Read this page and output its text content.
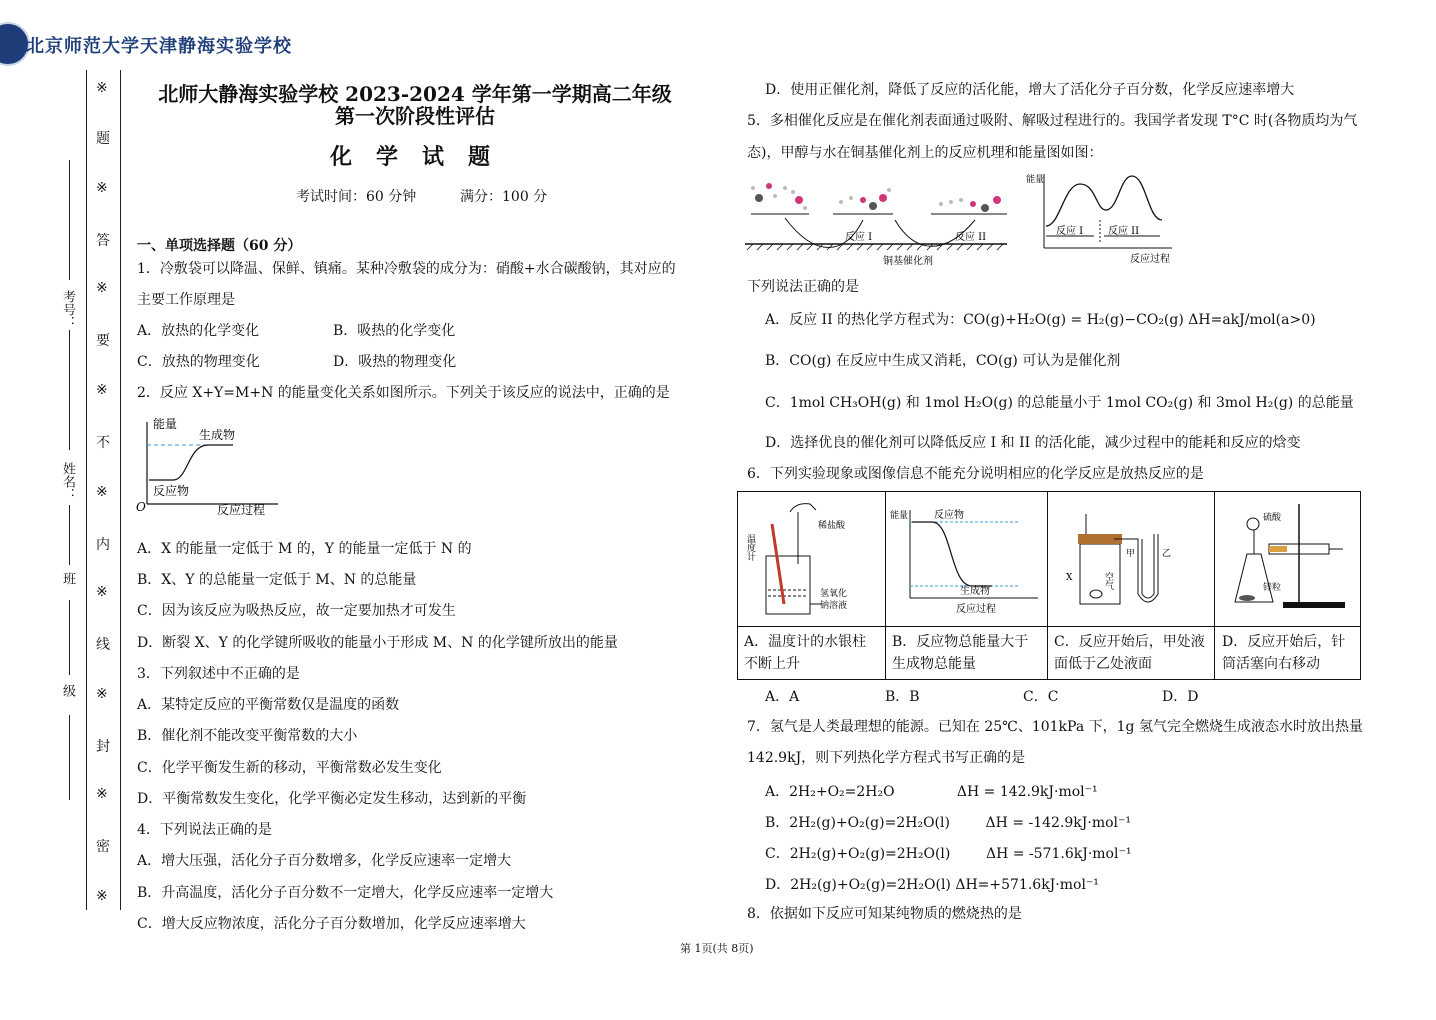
北京师范大学天津静海实验学校
※
题
※
答
※
要
※
不
※
内
※
线
※
封
※
密
※
考号：
姓名：
班
级
北师大静海实验学校 2023-2024 学年第一学期高二年级
第一次阶段性评估
化学试题
考试时间：60 分钟	满分：100 分
一、单项选择题（60 分）
1．冷敷袋可以降温、保鲜、镇痛。某种冷敷袋的成分为：硝酸+水合碳酸钠，其对应的
主要工作原理是
A．放热的化学变化	B．吸热的化学变化
C．放热的物理变化	D．吸热的物理变化
2．反应 X+Y=M+N 的能量变化关系如图所示。下列关于该反应的说法中，正确的是
能量
生成物
反应物
O	反应过程
A．X 的能量一定低于 M 的，Y 的能量一定低于 N 的
B．X、Y 的总能量一定低于 M、N 的总能量
C．因为该反应为吸热反应，故一定要加热才可发生
D．断裂 X、Y 的化学键所吸收的能量小于形成 M、N 的化学键所放出的能量
3．下列叙述中不正确的是
A．某特定反应的平衡常数仅是温度的函数
B．催化剂不能改变平衡常数的大小
C．化学平衡发生新的移动，平衡常数必发生变化
D．平衡常数发生变化，化学平衡必定发生移动，达到新的平衡
4．下列说法正确的是
A．增大压强，活化分子百分数增多，化学反应速率一定增大
B．升高温度，活化分子百分数不一定增大，化学反应速率一定增大
C．增大反应物浓度，活化分子百分数增加，化学反应速率增大
D．使用正催化剂，降低了反应的活化能，增大了活化分子百分数，化学反应速率增大
5．多相催化反应是在催化剂表面通过吸附、解吸过程进行的。我国学者发现 T°C 时(各物质均为气
态)，甲醇与水在铜基催化剂上的反应机理和能量图如图：
反应 I	反应 II
铜基催化剂
能量
反应 I 反应 II
反应过程
下列说法正确的是
A．反应 II 的热化学方程式为：CO(g)+H₂O(g) = H₂(g)−CO₂(g) ΔH=akJ/mol(a>0)
B．CO(g) 在反应中生成又消耗，CO(g) 可认为是催化剂
C．1mol CH₃OH(g) 和 1mol H₂O(g) 的总能量小于 1mol CO₂(g) 和 3mol H₂(g) 的总能量
D．选择优良的催化剂可以降低反应 I 和 II 的活化能，减少过程中的能耗和反应的焓变
6．下列实验现象或图像信息不能充分说明相应的化学反应是放热反应的是
温度计
稀盐酸
氢氧化
钠溶液
能量	反应物
生成物
反应过程
X
甲	乙
空气
硫酸
锌粒
A．温度计的水银柱
不断上升
B．反应物总能量大于
生成物总能量
C．反应开始后，甲处液
面低于乙处液面
D．反应开始后，针
筒活塞向右移动
A．A	B．B	C．C	D．D
7．氢气是人类最理想的能源。已知在 25℃、101kPa 下，1g 氢气完全燃烧生成液态水时放出热量
142.9kJ，则下列热化学方程式书写正确的是
A．2H₂+O₂=2H₂O              ΔH = 142.9kJ·mol⁻¹
B．2H₂(g)+O₂(g)=2H₂O(l)        ΔH = -142.9kJ·mol⁻¹
C．2H₂(g)+O₂(g)=2H₂O(l)        ΔH = -571.6kJ·mol⁻¹
D．2H₂(g)+O₂(g)=2H₂O(l) ΔH=+571.6kJ·mol⁻¹
8．依据如下反应可知某纯物质的燃烧热的是
第 1页(共 8页)
